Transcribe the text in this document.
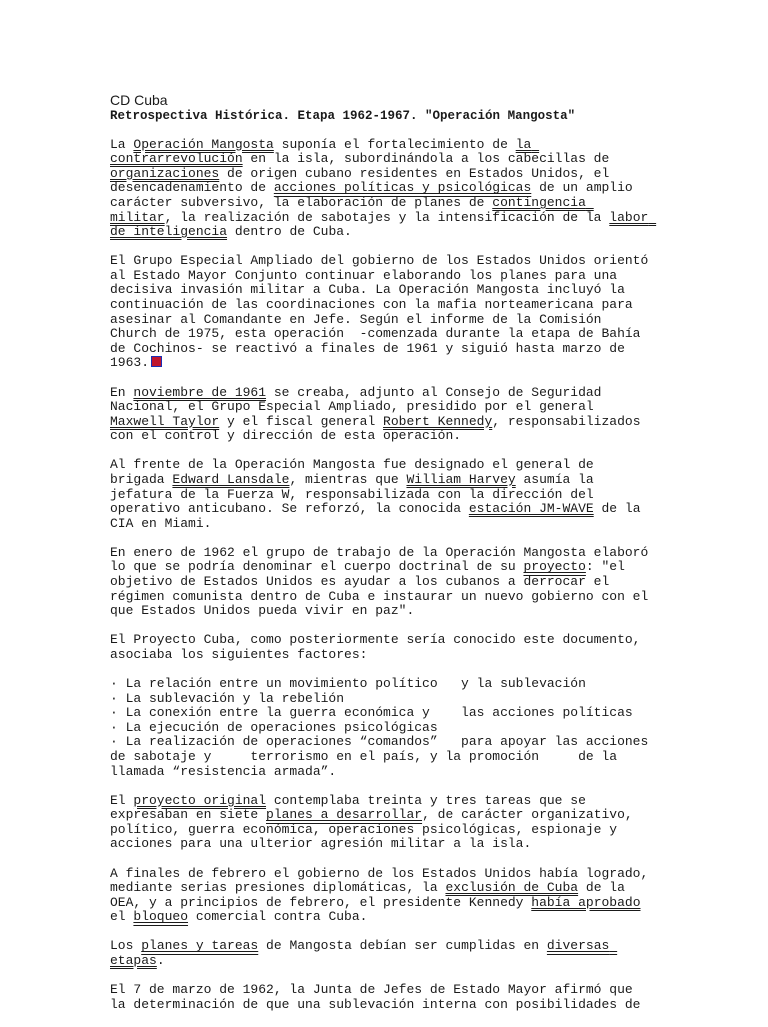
CD Cuba
Retrospectiva Histórica. Etapa 1962-1967. "Operación Mangosta"

La Operación Mangosta suponía el fortalecimiento de la contrarrevolución en la isla, subordinándola a los cabecillas de organizaciones de origen cubano residentes en Estados Unidos, el desencadenamiento de acciones políticas y psicológicas de un amplio carácter subversivo, la elaboración de planes de contingencia militar, la realización de sabotajes y la intensificación de la labor de inteligencia dentro de Cuba.

El Grupo Especial Ampliado del gobierno de los Estados Unidos orientó al Estado Mayor Conjunto continuar elaborando los planes para una decisiva invasión militar a Cuba. La Operación Mangosta incluyó la continuación de las coordinaciones con la mafia norteamericana para asesinar al Comandante en Jefe. Según el informe de la Comisión Church de 1975, esta operación  -comenzada durante la etapa de Bahía de Cochinos- se reactivó a finales de 1961 y siguió hasta marzo de 1963.

En noviembre de 1961 se creaba, adjunto al Consejo de Seguridad Nacional, el Grupo Especial Ampliado, presidido por el general Maxwell Taylor y el fiscal general Robert Kennedy, responsabilizados con el control y dirección de esta operación.

Al frente de la Operación Mangosta fue designado el general de brigada Edward Lansdale, mientras que William Harvey asumía la jefatura de la Fuerza W, responsabilizada con la dirección del operativo anticubano. Se reforzó, la conocida estación JM-WAVE de la CIA en Miami.

En enero de 1962 el grupo de trabajo de la Operación Mangosta elaboró lo que se podría denominar el cuerpo doctrinal de su proyecto: "el objetivo de Estados Unidos es ayudar a los cubanos a derrocar el régimen comunista dentro de Cuba e instaurar un nuevo gobierno con el que Estados Unidos pueda vivir en paz".

El Proyecto Cuba, como posteriormente sería conocido este documento, asociaba los siguientes factores:

· La relación entre un movimiento político   y la sublevación
· La sublevación y la rebelión
· La conexión entre la guerra económica y    las acciones políticas
· La ejecución de operaciones psicológicas
· La realización de operaciones “comandos”   para apoyar las acciones de sabotaje y     terrorismo en el país, y la promoción     de la llamada “resistencia armada”.

El proyecto original contemplaba treinta y tres tareas que se expresaban en siete planes a desarrollar, de carácter organizativo, político, guerra económica, operaciones psicológicas, espionaje y acciones para una ulterior agresión militar a la isla.

A finales de febrero el gobierno de los Estados Unidos había logrado, mediante serias presiones diplomáticas, la exclusión de Cuba de la OEA, y a principios de febrero, el presidente Kennedy había aprobado el bloqueo comercial contra Cuba.

Los planes y tareas de Mangosta debían ser cumplidas en diversas etapas.

El 7 de marzo de 1962, la Junta de Jefes de Estado Mayor afirmó que la determinación de que una sublevación interna con posibilidades de
